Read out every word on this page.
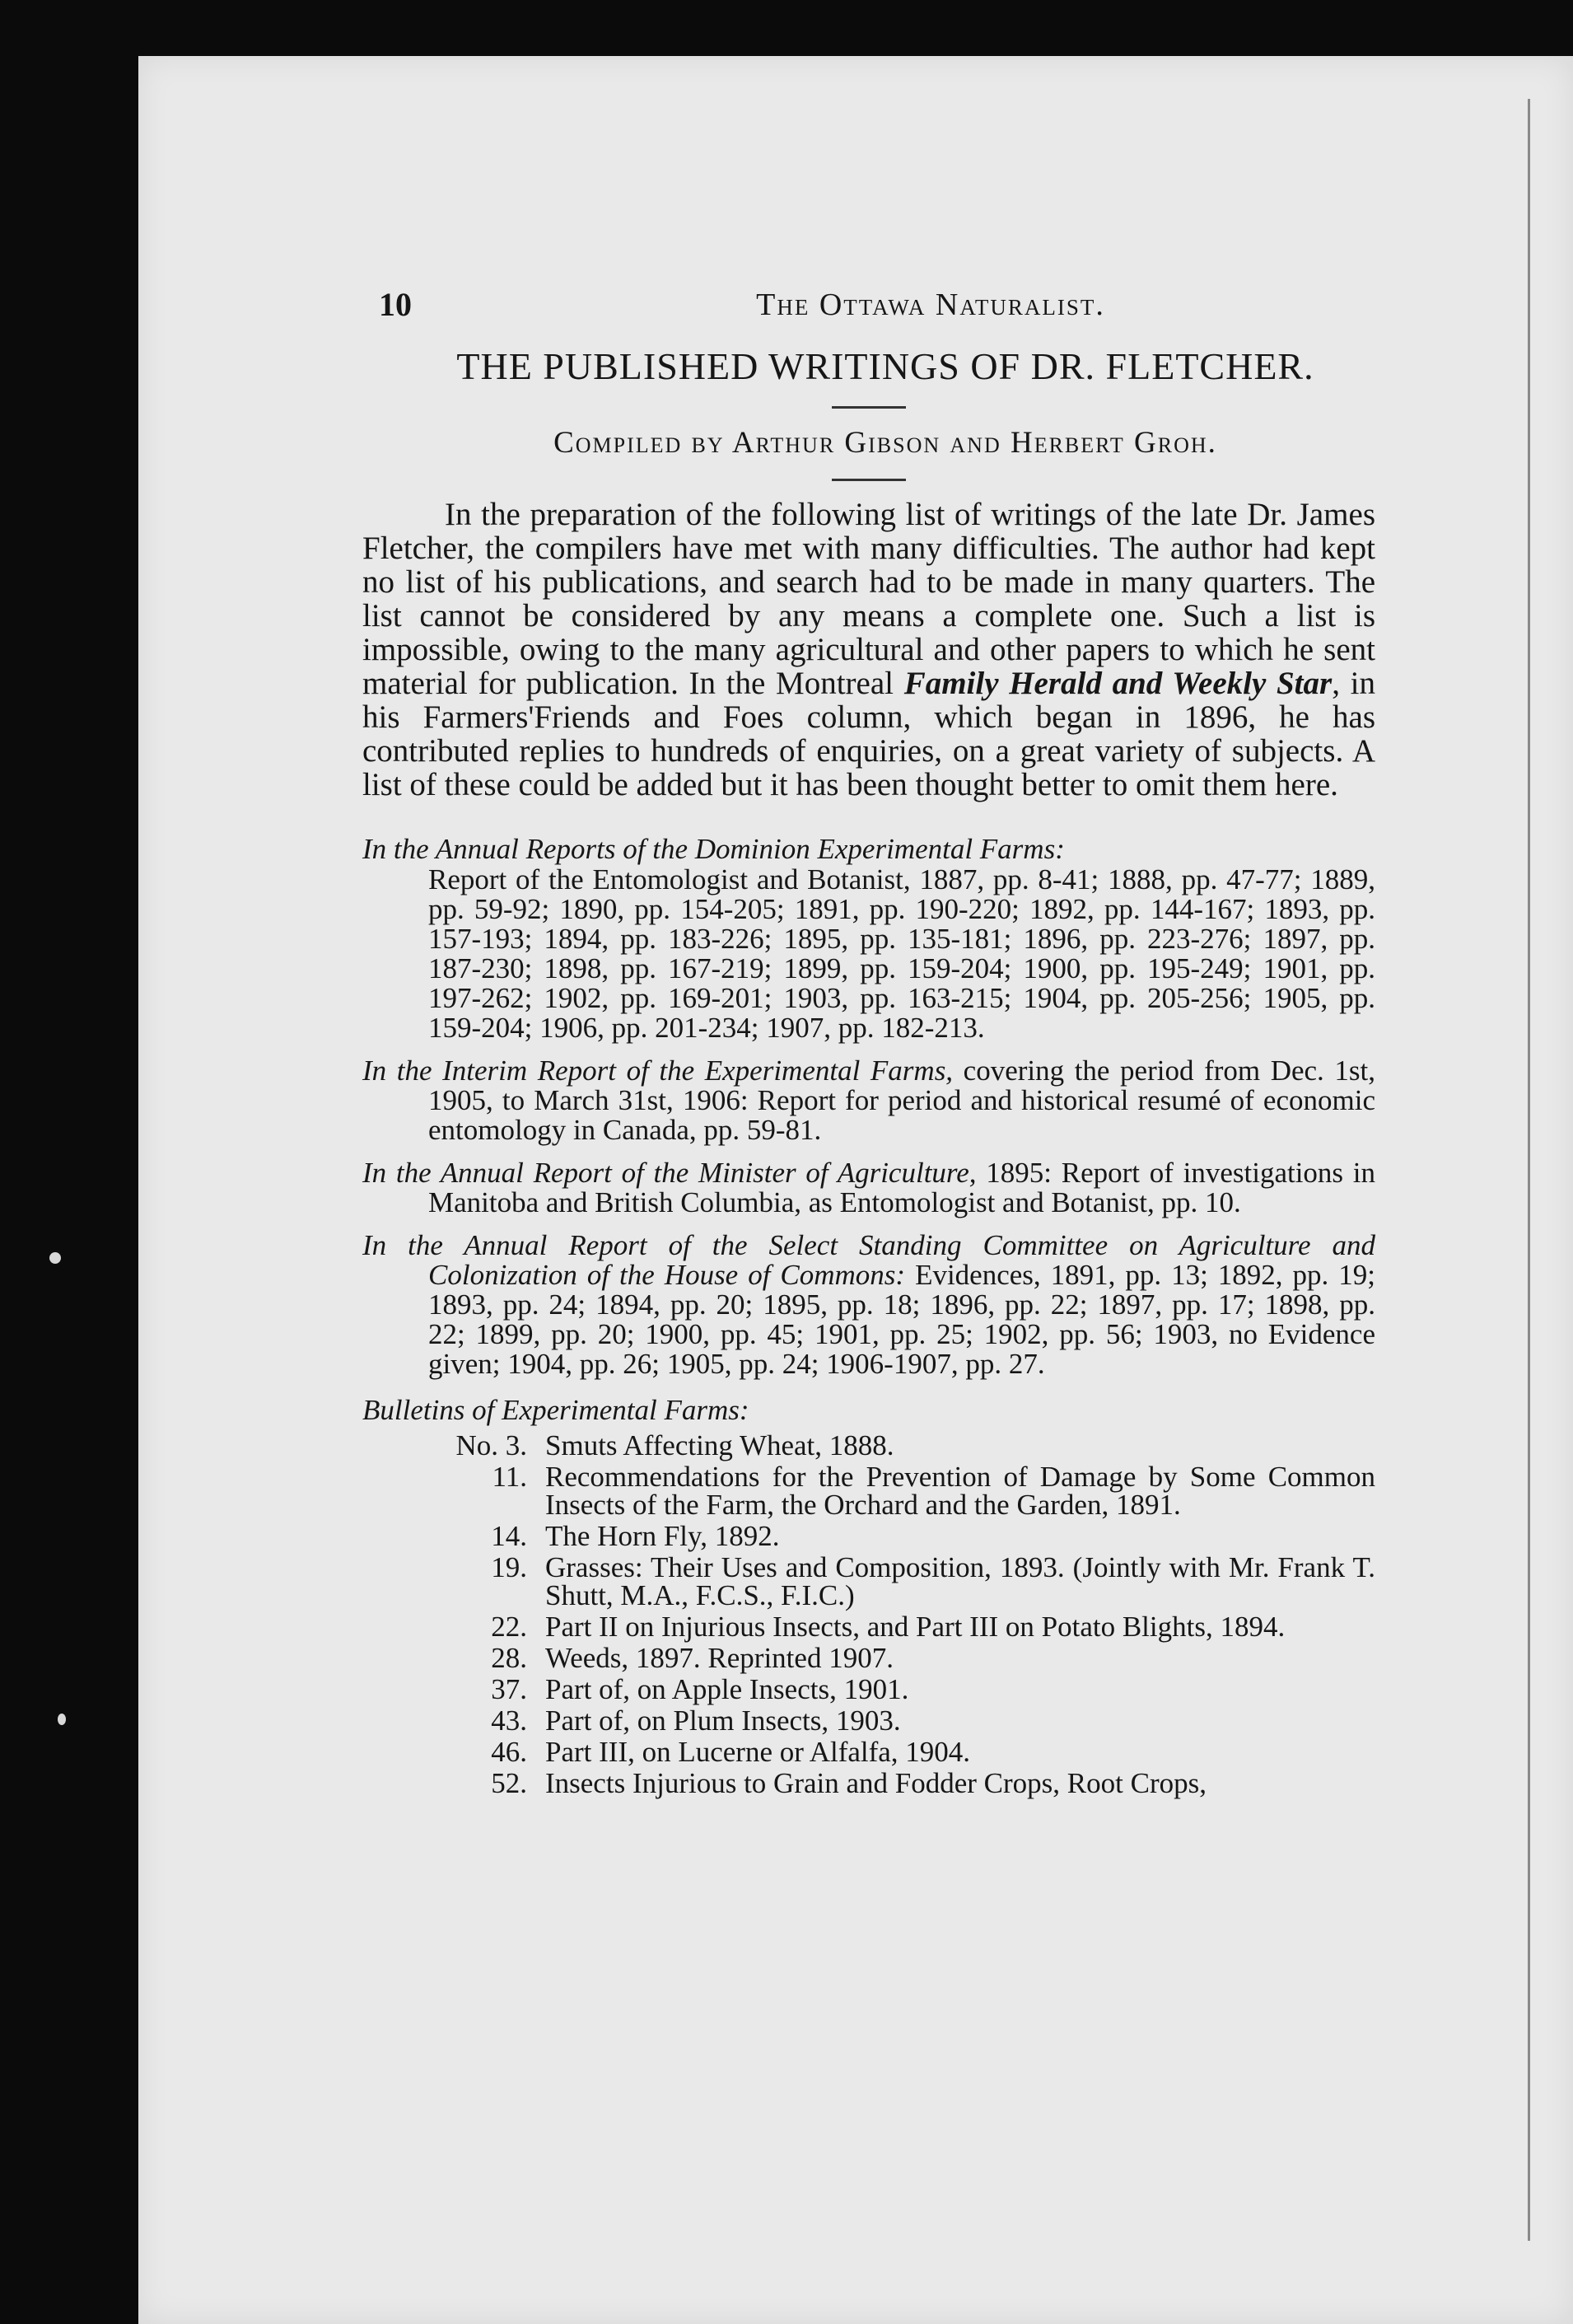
10	The Ottawa Naturalist.
THE PUBLISHED WRITINGS OF DR. FLETCHER.
Compiled by Arthur Gibson and Herbert Groh.

In the preparation of the following list of writings of the late Dr. James Fletcher, the compilers have met with many difficulties. The author had kept no list of his publications, and search had to be made in many quarters. The list cannot be considered by any means a complete one. Such a list is impossible, owing to the many agricultural and other papers to which he sent material for publication. In the Montreal Family Herald and Weekly Star, in his Farmers'Friends and Foes column, which began in 1896, he has contributed replies to hundreds of enquiries, on a great variety of subjects. A list of these could be added but it has been thought better to omit them here.

In the Annual Reports of the Dominion Experimental Farms:
Report of the Entomologist and Botanist, 1887, pp. 8-41; 1888, pp. 47-77; 1889, pp. 59-92; 1890, pp. 154-205; 1891, pp. 190-220; 1892, pp. 144-167; 1893, pp. 157-193; 1894, pp. 183-226; 1895, pp. 135-181; 1896, pp. 223-276; 1897, pp. 187-230; 1898, pp. 167-219; 1899, pp. 159-204; 1900, pp. 195-249; 1901, pp. 197-262; 1902, pp. 169-201; 1903, pp. 163-215; 1904, pp. 205-256; 1905, pp. 159-204; 1906, pp. 201-234; 1907, pp. 182-213.
In the Interim Report of the Experimental Farms, covering the period from Dec. 1st, 1905, to March 31st, 1906: Report for period and historical resumé of economic entomology in Canada, pp. 59-81.
In the Annual Report of the Minister of Agriculture, 1895: Report of investigations in Manitoba and British Columbia, as Entomologist and Botanist, pp. 10.
In the Annual Report of the Select Standing Committee on Agriculture and Colonization of the House of Commons: Evidences, 1891, pp. 13; 1892, pp. 19; 1893, pp. 24; 1894, pp. 20; 1895, pp. 18; 1896, pp. 22; 1897, pp. 17; 1898, pp. 22; 1899, pp. 20; 1900, pp. 45; 1901, pp. 25; 1902, pp. 56; 1903, no Evidence given; 1904, pp. 26; 1905, pp. 24; 1906-1907, pp. 27.
Bulletins of Experimental Farms:
No. 3. Smuts Affecting Wheat, 1888.
11. Recommendations for the Prevention of Damage by Some Common Insects of the Farm, the Orchard and the Garden, 1891.
14. The Horn Fly, 1892.
19. Grasses: Their Uses and Composition, 1893. (Jointly with Mr. Frank T. Shutt, M.A., F.C.S., F.I.C.)
22. Part II on Injurious Insects, and Part III on Potato Blights, 1894.
28. Weeds, 1897. Reprinted 1907.
37. Part of, on Apple Insects, 1901.
43. Part of, on Plum Insects, 1903.
46. Part III, on Lucerne or Alfalfa, 1904.
52. Insects Injurious to Grain and Fodder Crops, Root Crops,
